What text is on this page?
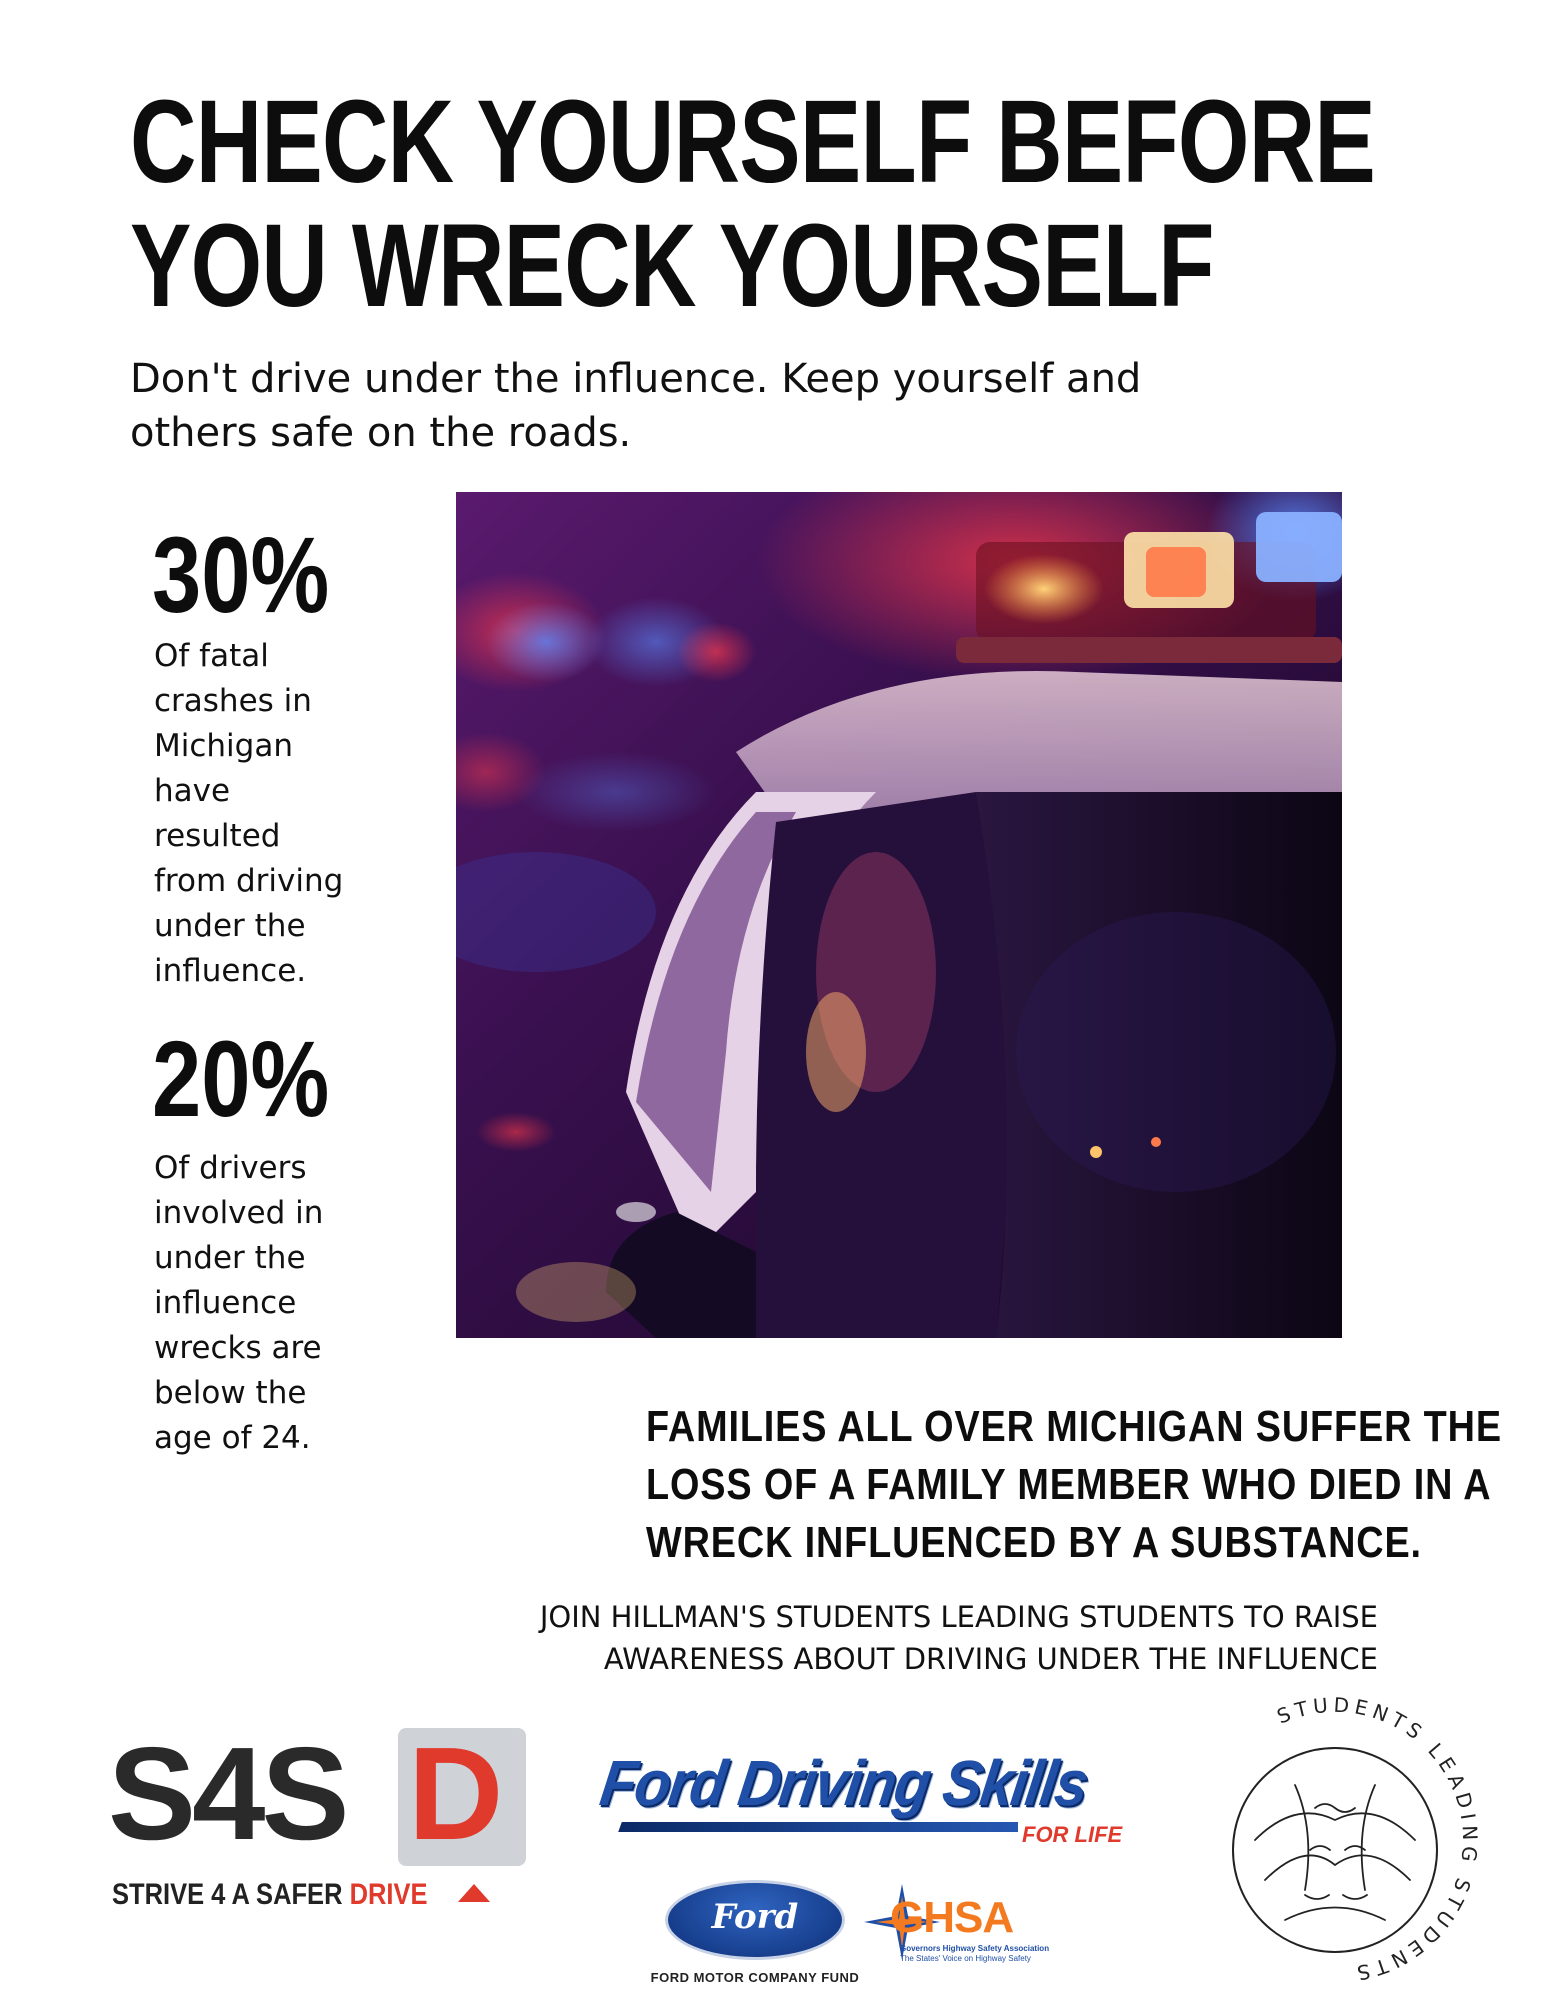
CHECK YOURSELF BEFORE
YOU WRECK YOURSELF
Don't drive under the influence. Keep yourself and
others safe on the roads.
30%
Of fatal
crashes in
Michigan
have
resulted
from driving
under the
influence.
20%
Of drivers
involved in
under the
influence
wrecks are
below the
age of 24.	FAMILIES ALL OVER MICHIGAN SUFFER THE
LOSS OF A FAMILY MEMBER WHO DIED IN A
WRECK INFLUENCED BY A SUBSTANCE.
JOIN HILLMAN'S STUDENTS LEADING STUDENTS TO RAISE
AWARENESS ABOUT DRIVING UNDER THE INFLUENCE
S4S D
STRIVE 4 A SAFER DRIVE
Ford Driving Skills
FOR LIFE
Ford
FORD MOTOR COMPANY FUND
GHSA
Governors Highway Safety Association
The States' Voice on Highway Safety
STUDENTS LEADING STUDENTS
